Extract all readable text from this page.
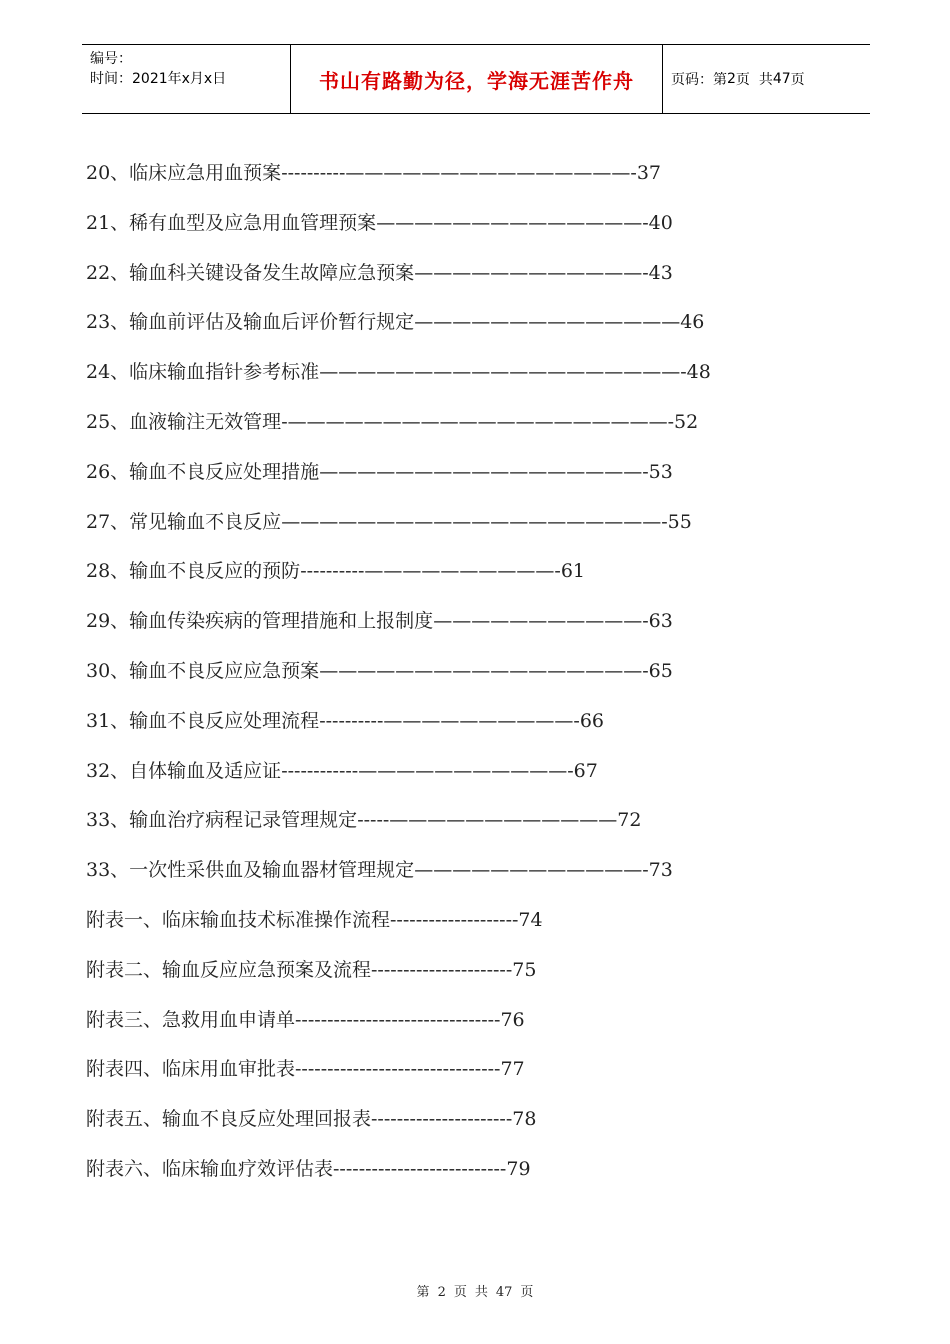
编号：
时间：2021年x月x日	书山有路勤为径，学海无涯苦作舟	页码：第 2 页  共 47 页
20、临床应急用血预案----------———————————————-37
21、稀有血型及应急用血管理预案——————————————-40
22、输血科关键设备发生故障应急预案————————————-43
23、输血前评估及输血后评价暂行规定——————————————46
24、临床输血指针参考标准———————————————————-48
25、血液输注无效管理-————————————————————-52
26、输血不良反应处理措施—————————————————-53
27、常见输血不良反应————————————————————-55
28、输血不良反应的预防----------——————————-61
29、输血传染疾病的管理措施和上报制度———————————-63
30、输血不良反应应急预案—————————————————-65
31、输血不良反应处理流程----------——————————-66
32、自体输血及适应证------------———————————-67
33、输血治疗病程记录管理规定-----————————————72
33、一次性采供血及输血器材管理规定————————————-73
附表一、临床输血技术标准操作流程--------------------74
附表二、输血反应应急预案及流程----------------------75
附表三、急救用血申请单--------------------------------76
附表四、临床用血审批表--------------------------------77
附表五、输血不良反应处理回报表----------------------78
附表六、临床输血疗效评估表---------------------------79
第 2 页 共 47 页
